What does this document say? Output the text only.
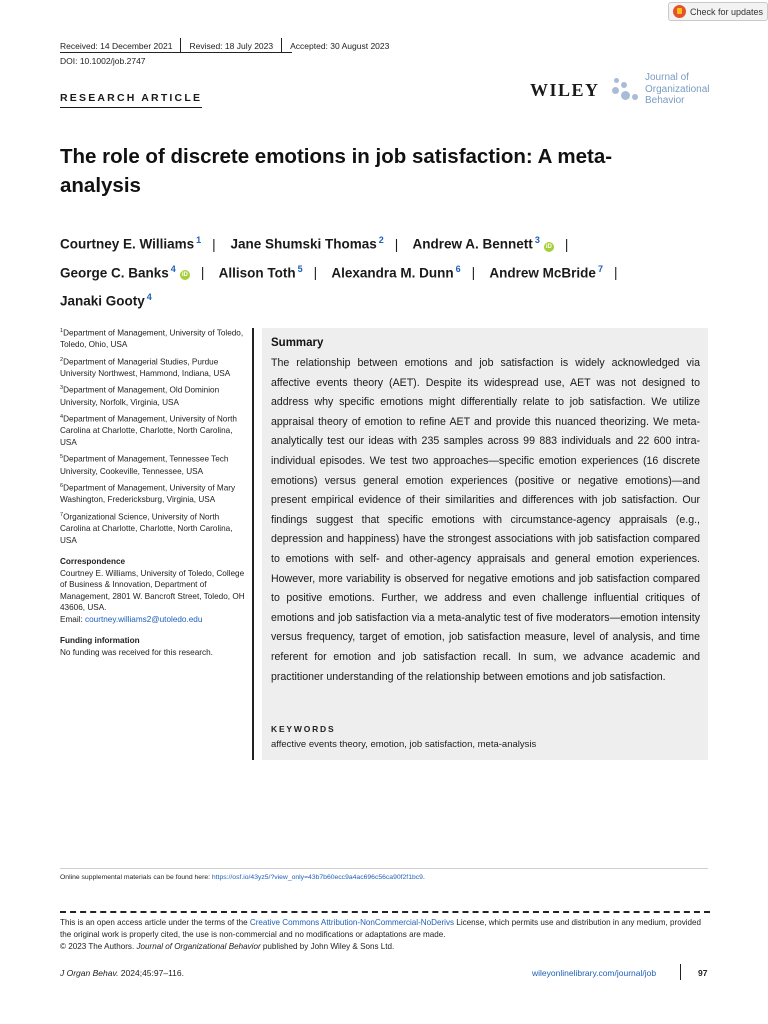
Check for updates
Received: 14 December 2021 Revised: 18 July 2023 Accepted: 30 August 2023
DOI: 10.1002/job.2747
RESEARCH ARTICLE	WILEY
Journal of
Organizational
Behavior
The role of discrete emotions in job satisfaction: A meta-analysis
Courtney E. Williams $^1$ | Jane Shumski Thomas $^2$ | Andrew A. Bennett $^3$iD |
George C. Banks $^4$iD | Allison Toth $^5$ | Alexandra M. Dunn $^6$ | Andrew McBride $^7$ |
Janaki Gooty $^4$

$^1$Department of Management, University of Toledo, Toledo, Ohio, USA

$^2$Department of Managerial Studies, Purdue University Northwest, Hammond, Indiana, USA

$^3$Department of Management, Old Dominion University, Norfolk, Virginia, USA

$^4$Department of Management, University of North Carolina at Charlotte, Charlotte, North Carolina, USA

$^5$Department of Management, Tennessee Tech University, Cookeville, Tennessee, USA

$^6$Department of Management, University of Mary Washington, Fredericksburg, Virginia, USA

$^7$Organizational Science, University of North Carolina at Charlotte, Charlotte, North Carolina, USA

Correspondence

Courtney E. Williams, University of Toledo, College of Business & Innovation, Department of Management, 2801 W. Bancroft Street, Toledo, OH 43606, USA.
Email: courtney.williams2@utoledo.edu

Funding information

No funding was received for this research.

Summary
The relationship between emotions and job satisfaction is widely acknowledged via affective events theory (AET). Despite its widespread use, AET was not designed to address why specific emotions might differentially relate to job satisfaction. We utilize appraisal theory of emotion to refine AET and provide this nuanced theorizing. We meta-analytically test our ideas with 235 samples across 99 883 individuals and 22 600 intra-individual episodes. We test two approaches—specific emotion experiences (16 discrete emotions) versus general emotion experiences (positive or negative emotions)—and present empirical evidence of their similarities and differences with job satisfaction. Our findings suggest that specific emotions with circumstance-agency appraisals (e.g., depression and happiness) have the strongest associations with job satisfaction compared to emotions with self- and other-agency appraisals and general emotion experiences. However, more variability is observed for negative emotions and job satisfaction compared to positive emotions. Further, we address and even challenge influential critiques of emotions and job satisfaction via a meta-analytic test of five moderators—emotion intensity versus frequency, target of emotion, job satisfaction measure, level of analysis, and time referent for emotion and job satisfaction recall. In sum, we advance academic and practitioner understanding of the relationship between emotions and job satisfaction.
KEYWORDS
affective events theory, emotion, job satisfaction, meta-analysis
Online supplemental materials can be found here: https://osf.io/43yz5/?view_only=43b7b60ecc9a4ac696c56ca90f2f1bc9.
This is an open access article under the terms of the Creative Commons Attribution-NonCommercial-NoDerivs License, which permits use and distribution in any medium, provided the original work is properly cited, the use is non-commercial and no modifications or adaptations are made.
© 2023 The Authors. Journal of Organizational Behavior published by John Wiley & Sons Ltd.
J Organ Behav. 2024;45:97–116.	wileyonlinelibrary.com/journal/job	97
